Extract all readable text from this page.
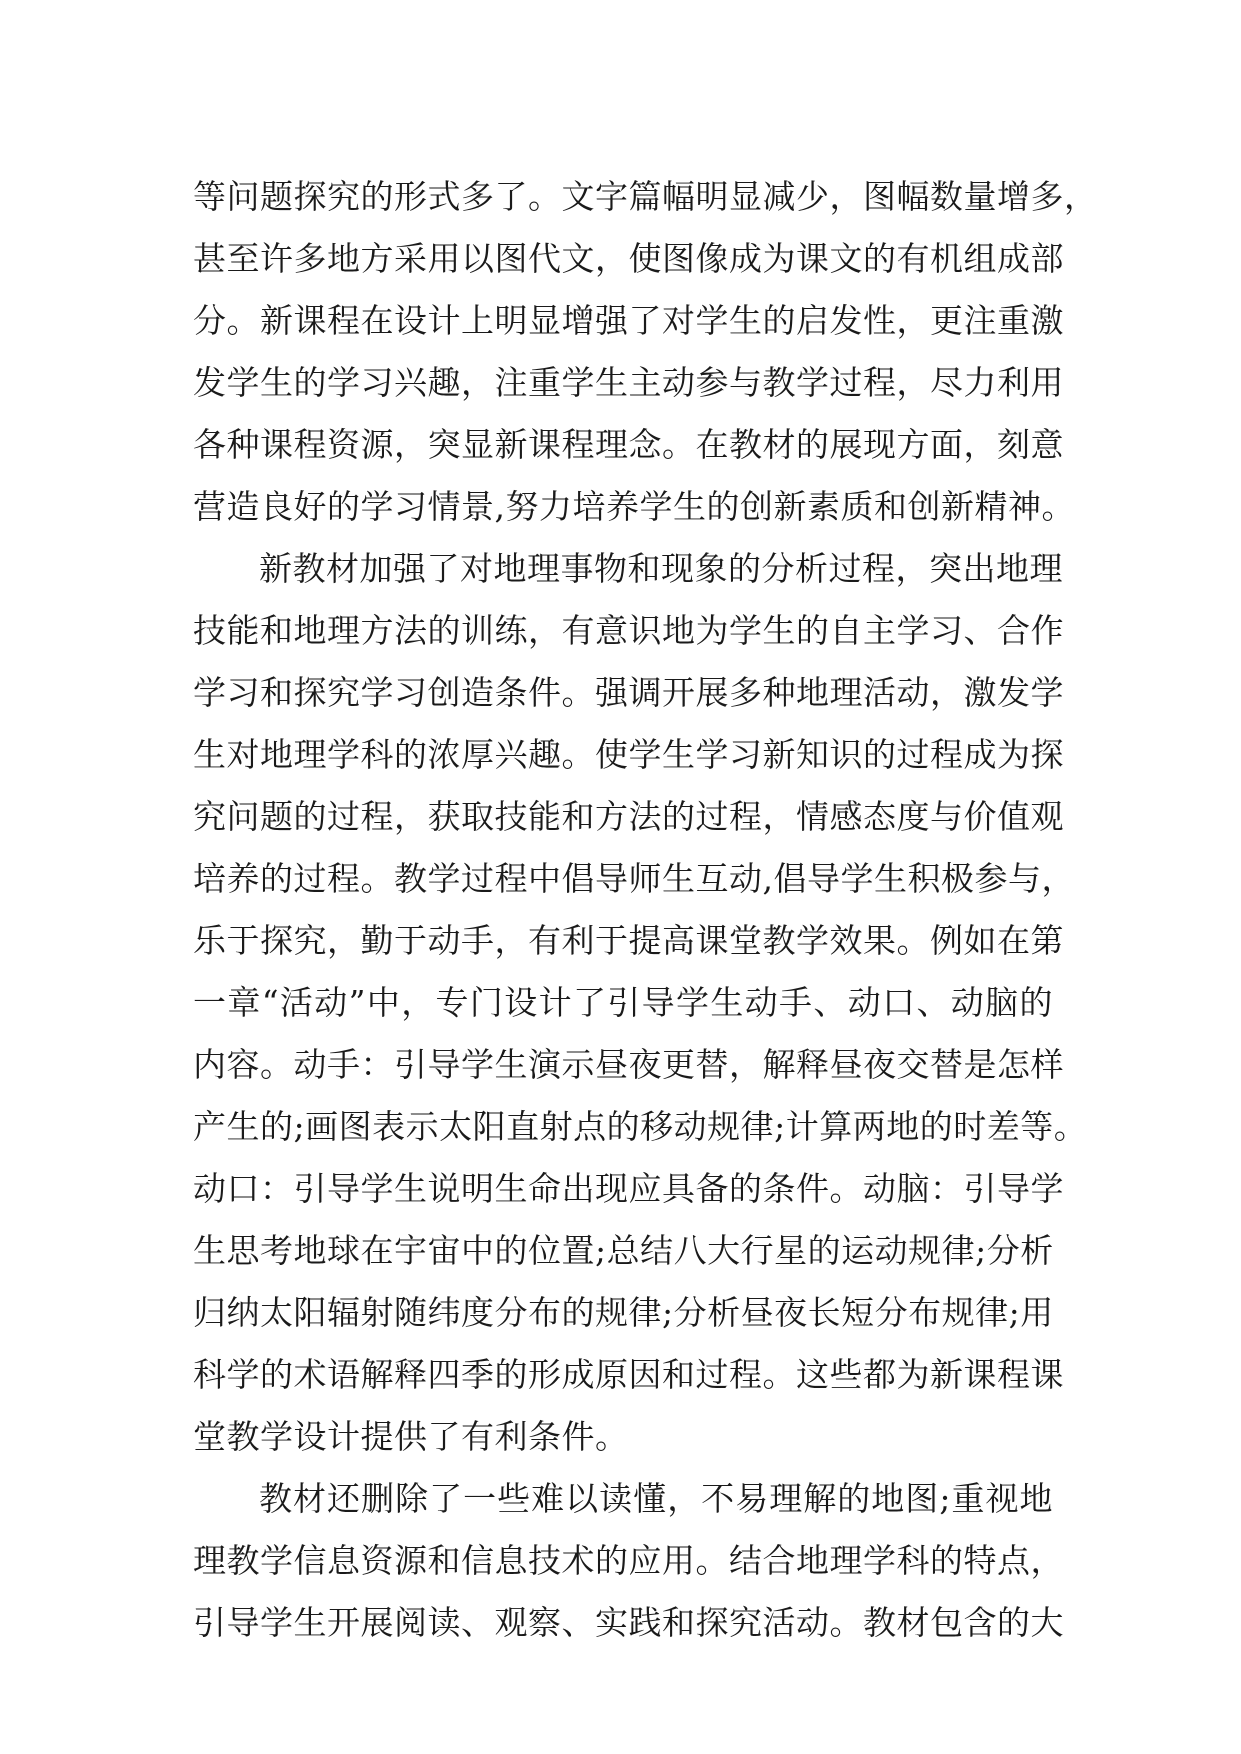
等问题探究的形式多了。文字篇幅明显减少，图幅数量增多，
甚至许多地方采用以图代文，使图像成为课文的有机组成部
分。新课程在设计上明显增强了对学生的启发性，更注重激
发学生的学习兴趣，注重学生主动参与教学过程，尽力利用
各种课程资源，突显新课程理念。在教材的展现方面，刻意
营造良好的学习情景,努力培养学生的创新素质和创新精神。
新教材加强了对地理事物和现象的分析过程，突出地理
技能和地理方法的训练，有意识地为学生的自主学习、合作
学习和探究学习创造条件。强调开展多种地理活动，激发学
生对地理学科的浓厚兴趣。使学生学习新知识的过程成为探
究问题的过程，获取技能和方法的过程，情感态度与价值观
培养的过程。教学过程中倡导师生互动,倡导学生积极参与，
乐于探究，勤于动手，有利于提高课堂教学效果。例如在第
一章“活动”中，专门设计了引导学生动手、动口、动脑的
内容。动手：引导学生演示昼夜更替，解释昼夜交替是怎样
产生的;画图表示太阳直射点的移动规律;计算两地的时差等。
动口：引导学生说明生命出现应具备的条件。动脑：引导学
生思考地球在宇宙中的位置;总结八大行星的运动规律;分析
归纳太阳辐射随纬度分布的规律;分析昼夜长短分布规律;用
科学的术语解释四季的形成原因和过程。这些都为新课程课
堂教学设计提供了有利条件。
教材还删除了一些难以读懂，不易理解的地图;重视地
理教学信息资源和信息技术的应用。结合地理学科的特点，
引导学生开展阅读、观察、实践和探究活动。教材包含的大
